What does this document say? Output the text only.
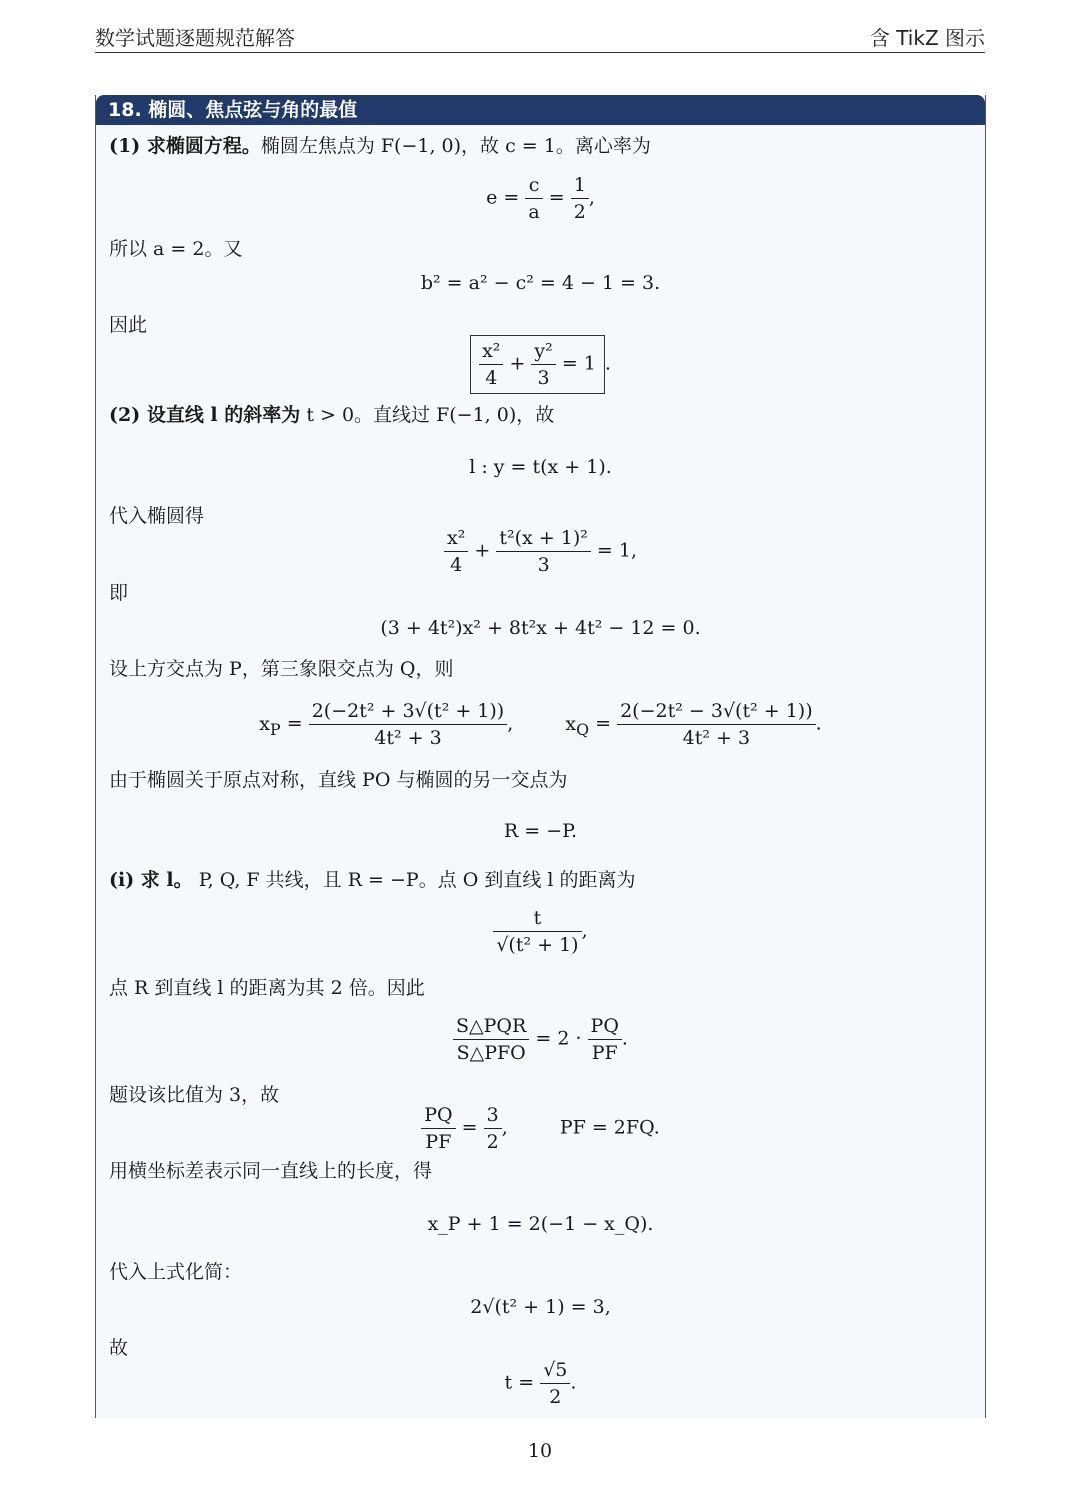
数学试题逐题规范解答	含 TikZ 图示
18. 椭圆、焦点弦与角的最值
(1) 求椭圆方程。椭圆左焦点为 F(−1, 0)，故 c = 1。离心率为
$e = \frac{c}{a} = \frac{1}{2}$ ,
所以 a = 2。又
b² = a² − c² = 4 − 1 = 3.
因此
$\frac{\text{x²}}{4} + \frac{\text{y²}}{3} = 1$ .
(2) 设直线 l 的斜率为 t > 0。直线过 F(−1, 0)，故
l : y = t(x + 1).
代入椭圆得
$\frac{\text{x²}}{4} + \frac{\text{t²(x + 1)²}}{3} = 1$,
即
(3 + 4t²)x² + 8t²x + 4t² − 12 = 0.
设上方交点为 P，第三象限交点为 Q，则
$x_P = \frac{\text{2(−2t² + 3√(t² + 1))}}{\text{4t² + 3}}$ ,	$x_Q = \frac{\text{2(−2t² − 3√(t² + 1))}}{\text{4t² + 3}}$ .
由于椭圆关于原点对称，直线 PO 与椭圆的另一交点为
R = −P.
(i) 求 l。 P, Q, F 共线，且 R = −P。点 O 到直线 l 的距离为
$\frac{t}{\text{√(t² + 1)}}$ ,
点 R 到直线 l 的距离为其 2 倍。因此
$\frac{\text{S△PQR}}{\text{S△PFO}} = 2 \cdot \frac{PQ}{PF}$ .
题设该比值为 3，故
$\frac{PQ}{PF} = \frac{3}{2}$ ,	PF = 2FQ.
用横坐标差表示同一直线上的长度，得
x_P + 1 = 2(−1 − x_Q).
代入上式化简：
2√(t² + 1) = 3,
故
$t = \frac{√5}{2}$ .
10
